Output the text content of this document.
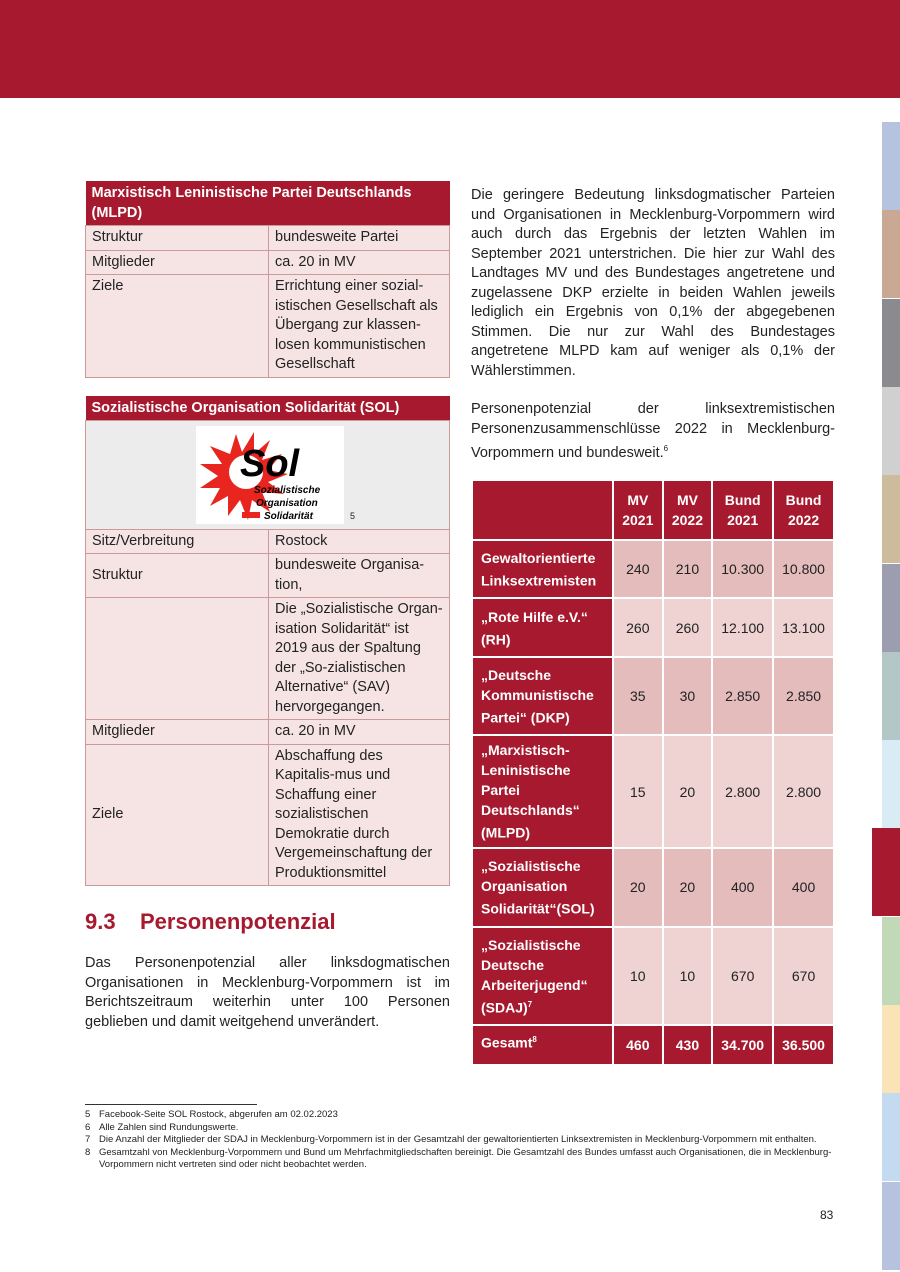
Marxistisch Leninistische Partei Deutschlands (MLPD)	
Struktur	bundesweite Partei
Mitglieder	ca. 20 in MV
Ziele	Errichtung einer sozial-istischen Gesellschaft als Übergang zur klassen-losen kommunistischen Gesellschaft
Sozialistische Organisation Solidarität (SOL)	

Sol
Sozialistische
Organisation
Solidarität 5	

Sitz/Verbreitung	Rostock
Struktur	bundesweite Organisa-tion,
	Die „Sozialistische Organ-isation Solidarität“ ist 2019 aus der Spaltung der „So-zialistischen Alternative“ (SAV) hervorgegangen.
Mitglieder	ca. 20 in MV
Ziele	Abschaffung des Kapitalis-mus und Schaffung einer sozialistischen Demokratie durch Vergemeinschaftung der Produktionsmittel
9.3 Personenpotenzial

Das Personenpotenzial aller linksdogmatischen Organisationen in Mecklenburg-Vorpommern ist im Berichtszeitraum weiterhin unter 100 Personen geblieben und damit weitgehend unverändert.

Die geringere Bedeutung linksdogmatischer Parteien und Organisationen in Mecklenburg-Vorpommern wird auch durch das Ergebnis der letzten Wahlen im September 2021 unterstrichen. Die hier zur Wahl des Landtages MV und des Bundestages angetretene und zugelassene DKP erzielte in beiden Wahlen jeweils lediglich ein Ergebnis von 0,1% der abgegebenen Stimmen. Die nur zur Wahl des Bundestages angetretene MLPD kam auf weniger als 0,1% der Wählerstimmen.

Personenpotenzial der linksextremistischen Personenzusammenschlüsse 2022 in Mecklenburg-Vorpommern und bundesweit.$^6$

	MV 2021	MV 2022	Bund 2021	Bund 2022
Gewaltorientierte Linksextremisten	240	210	10.300	10.800
„Rote Hilfe e.V.“ (RH)	260	260	12.100	13.100
„Deutsche Kommunistische Partei“ (DKP)	35	30	2.850	2.850
„Marxistisch-Leninistische Partei Deutschlands“ (MLPD)	15	20	2.800	2.800
„Sozialistische Organisation Solidarität“(SOL)	20	20	400	400
„Sozialistische Deutsche Arbeiterjugend“ (SDAJ)$^7$	10	10	670	670
Gesamt$^8$	460	430	34.700	36.500
5 Facebook-Seite SOL Rostock, abgerufen am 02.02.2023
6 Alle Zahlen sind Rundungswerte.
7 Die Anzahl der Mitglieder der SDAJ in Mecklenburg-Vorpommern ist in der Gesamtzahl der gewaltorientierten Linksextremisten in Mecklenburg-Vorpommern mit enthalten.
8 Gesamtzahl von Mecklenburg-Vorpommern und Bund um Mehrfachmitgliedschaften bereinigt. Die Gesamtzahl des Bundes umfasst auch Organisationen, die in Mecklenburg-Vorpommern nicht vertreten sind oder nicht beobachtet werden.
83
